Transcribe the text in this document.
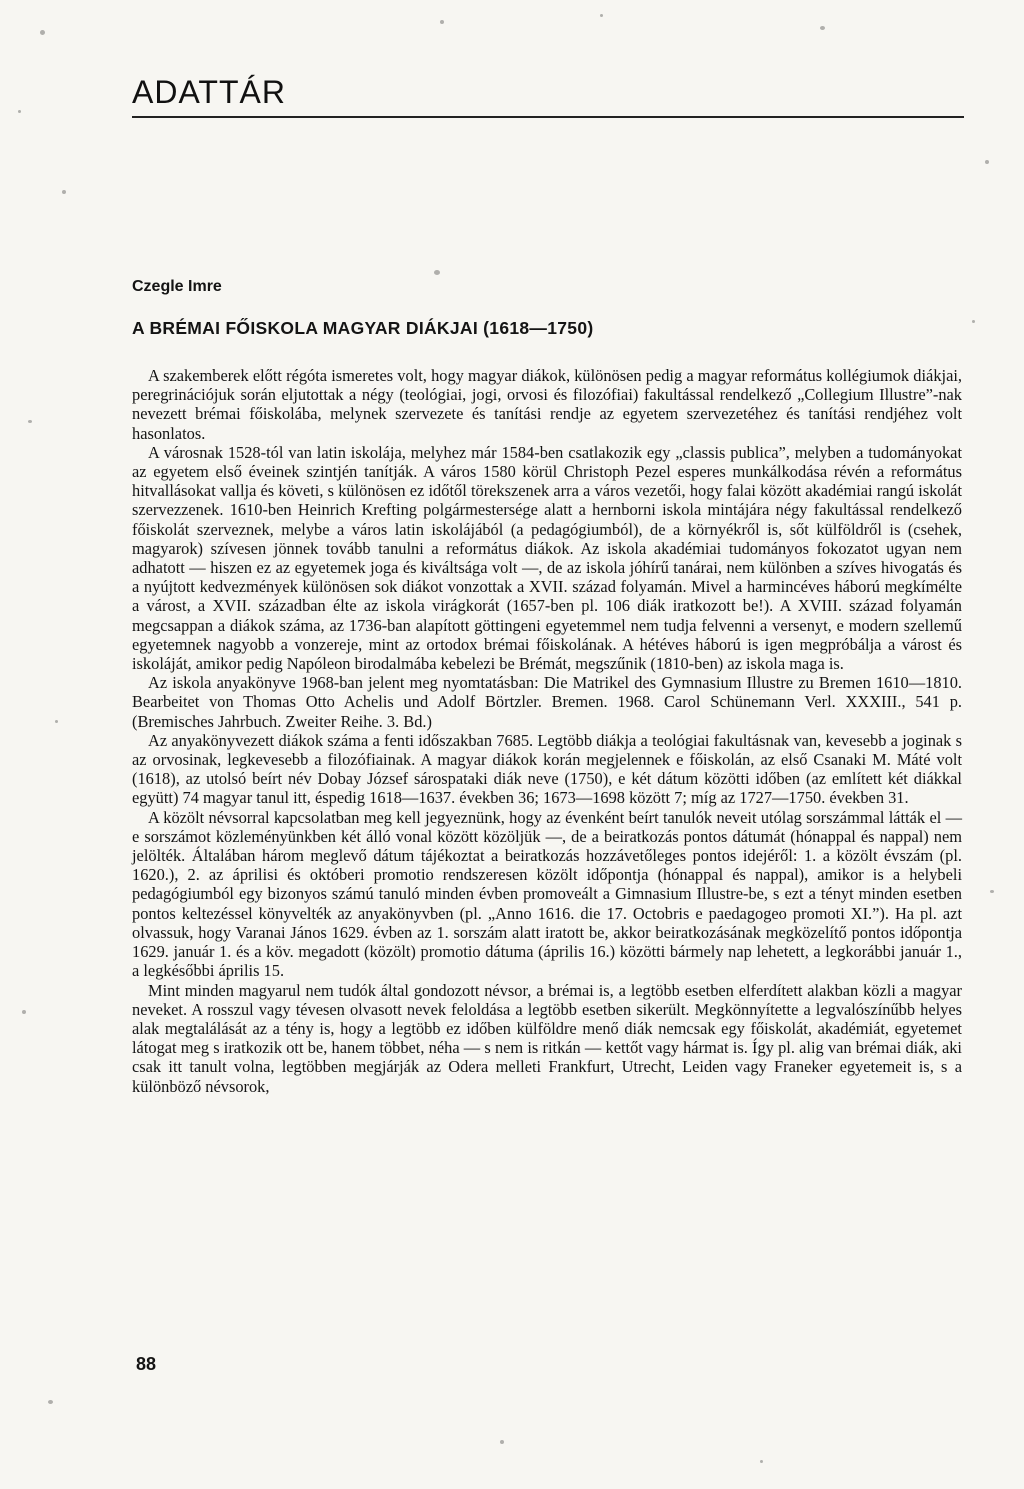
ADATTÁR
Czegle Imre
A BRÉMAI FŐISKOLA MAGYAR DIÁKJAI (1618—1750)

A szakemberek előtt régóta ismeretes volt, hogy magyar diákok, különösen pedig a magyar református kollégiumok diákjai, peregrinációjuk során eljutottak a négy (teológiai, jogi, orvosi és filozófiai) fakultással rendelkező „Collegium Illustre”-nak nevezett brémai főiskolába, melynek szervezete és tanítási rendje az egyetem szervezetéhez és tanítási rendjéhez volt hasonlatos.

A városnak 1528-tól van latin iskolája, melyhez már 1584-ben csatlakozik egy „classis publica”, melyben a tudományokat az egyetem első éveinek szintjén tanítják. A város 1580 körül Christoph Pezel esperes munkálkodása révén a református hitvallásokat vallja és követi, s különösen ez időtől törekszenek arra a város vezetői, hogy falai között akadémiai rangú iskolát szervezzenek. 1610-ben Heinrich Krefting polgármestersége alatt a hernborni iskola mintájára négy fakultással rendelkező főiskolát szerveznek, melybe a város latin iskolájából (a pedagógiumból), de a környékről is, sőt külföldről is (csehek, magyarok) szívesen jönnek tovább tanulni a református diákok. Az iskola akadémiai tudományos fokozatot ugyan nem adhatott — hiszen ez az egyetemek joga és kiváltsága volt —, de az iskola jóhírű tanárai, nem különben a szíves hivogatás és a nyújtott kedvezmények különösen sok diákot vonzottak a XVII. század folyamán. Mivel a harmincéves háború megkímélte a várost, a XVII. században élte az iskola virágkorát (1657-ben pl. 106 diák iratkozott be!). A XVIII. század folyamán megcsappan a diákok száma, az 1736-ban alapított göttingeni egyetemmel nem tudja felvenni a versenyt, e modern szellemű egyetemnek nagyobb a vonzereje, mint az ortodox brémai főiskolának. A hétéves háború is igen megpróbálja a várost és iskoláját, amikor pedig Napóleon birodalmába kebelezi be Brémát, megszűnik (1810-ben) az iskola maga is.

Az iskola anyakönyve 1968-ban jelent meg nyomtatásban: Die Matrikel des Gymnasium Illustre zu Bremen 1610—1810. Bearbeitet von Thomas Otto Achelis und Adolf Börtzler. Bremen. 1968. Carol Schünemann Verl. XXXIII., 541 p. (Bremisches Jahrbuch. Zweiter Reihe. 3. Bd.)

Az anyakönyvezett diákok száma a fenti időszakban 7685. Legtöbb diákja a teológiai fakultásnak van, kevesebb a joginak s az orvosinak, legkevesebb a filozófiainak. A magyar diákok korán megjelennek e főiskolán, az első Csanaki M. Máté volt (1618), az utolsó beírt név Dobay József sárospataki diák neve (1750), e két dátum közötti időben (az említett két diákkal együtt) 74 magyar tanul itt, éspedig 1618—1637. években 36; 1673—1698 között 7; míg az 1727—1750. években 31.

A közölt névsorral kapcsolatban meg kell jegyeznünk, hogy az évenként beírt tanulók neveit utólag sorszámmal látták el — e sorszámot közleményünkben két álló vonal között közöljük —, de a beiratkozás pontos dátumát (hónappal és nappal) nem jelölték. Általában három meglevő dátum tájékoztat a beiratkozás hozzávetőleges pontos idejéről: 1. a közölt évszám (pl. 1620.), 2. az áprilisi és októberi promotio rendszeresen közölt időpontja (hónappal és nappal), amikor is a helybeli pedagógiumból egy bizonyos számú tanuló minden évben promoveált a Gimnasium Illustre-be, s ezt a tényt minden esetben pontos keltezéssel könyvelték az anyakönyvben (pl. „Anno 1616. die 17. Octobris e paedagogeo promoti XI.”). Ha pl. azt olvassuk, hogy Varanai János 1629. évben az 1. sorszám alatt iratott be, akkor beiratkozásának megközelítő pontos időpontja 1629. január 1. és a köv. megadott (közölt) promotio dátuma (április 16.) közötti bármely nap lehetett, a legkorábbi január 1., a legkésőbbi április 15.

Mint minden magyarul nem tudók által gondozott névsor, a brémai is, a legtöbb esetben elferdített alakban közli a magyar neveket. A rosszul vagy tévesen olvasott nevek feloldása a legtöbb esetben sikerült. Megkönnyítette a legvalószínűbb helyes alak megtalálását az a tény is, hogy a legtöbb ez időben külföldre menő diák nemcsak egy főiskolát, akadémiát, egyetemet látogat meg s iratkozik ott be, hanem többet, néha — s nem is ritkán — kettőt vagy hármat is. Így pl. alig van brémai diák, aki csak itt tanult volna, legtöbben megjárják az Odera melleti Frankfurt, Utrecht, Leiden vagy Franeker egyetemeit is, s a különböző névsorok,

88
